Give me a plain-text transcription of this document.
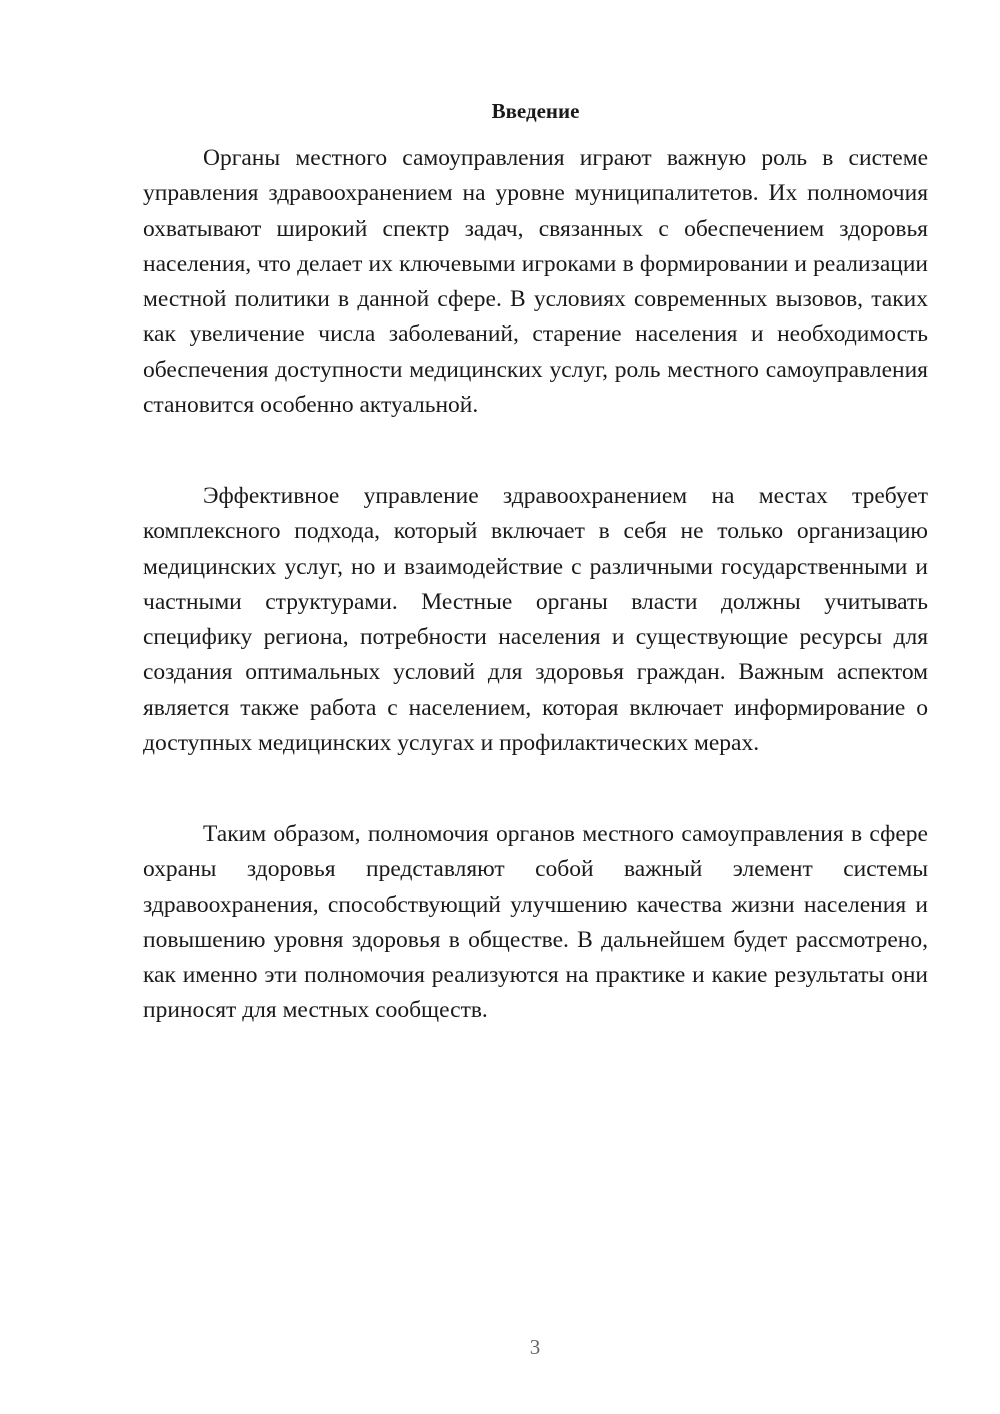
Введение

Органы местного самоуправления играют важную роль в системе управления здравоохранением на уровне муниципалитетов. Их полномочия охватывают широкий спектр задач, связанных с обеспечением здоровья населения, что делает их ключевыми игроками в формировании и реализации местной политики в данной сфере. В условиях современных вызовов, таких как увеличение числа заболеваний, старение населения и необходимость обеспечения доступности медицинских услуг, роль местного самоуправления становится особенно актуальной.

Эффективное управление здравоохранением на местах требует комплексного подхода, который включает в себя не только организацию медицинских услуг, но и взаимодействие с различными государственными и частными структурами. Местные органы власти должны учитывать специфику региона, потребности населения и существующие ресурсы для создания оптимальных условий для здоровья граждан. Важным аспектом является также работа с населением, которая включает информирование о доступных медицинских услугах и профилактических мерах.

Таким образом, полномочия органов местного самоуправления в сфере охраны здоровья представляют собой важный элемент системы здравоохранения, способствующий улучшению качества жизни населения и повышению уровня здоровья в обществе. В дальнейшем будет рассмотрено, как именно эти полномочия реализуются на практике и какие результаты они приносят для местных сообществ.

3
